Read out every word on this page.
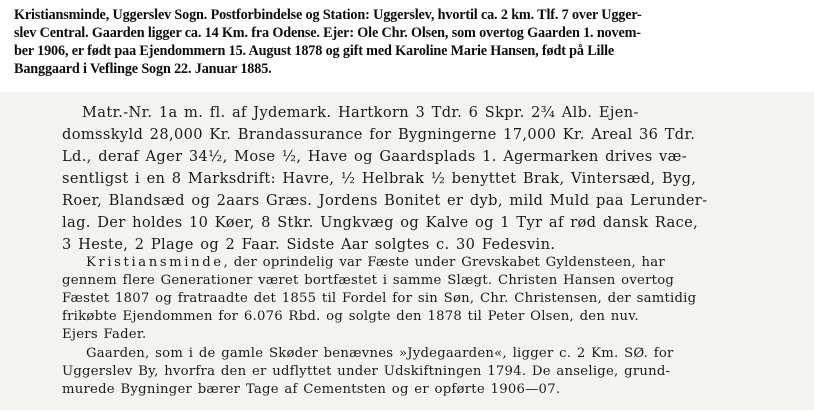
Kristiansminde, Uggerslev Sogn. Postforbindelse og Station: Uggerslev, hvortil ca. 2 km. Tlf. 7 over Ugger-
slev Central. Gaarden ligger ca. 14 Km. fra Odense. Ejer: Ole Chr. Olsen, som overtog Gaarden 1. novem-
ber 1906, er født paa Ejendommern 15. August 1878 og gift med Karoline Marie Hansen, født på Lille
Banggaard i Veflinge Sogn 22. Januar 1885.
Matr.-Nr. 1a m. fl. af Jydemark. Hartkorn 3 Tdr. 6 Skpr. 2¾ Alb. Ejen-
domsskyld 28,000 Kr. Brandassurance for Bygningerne 17,000 Kr. Areal 36 Tdr.
Ld., deraf Ager 34½, Mose ½, Have og Gaardsplads 1. Agermarken drives væ-
sentligst i en 8 Marksdrift: Havre, ½ Helbrak ½ benyttet Brak, Vintersæd, Byg,
Roer, Blandsæd og 2aars Græs. Jordens Bonitet er dyb, mild Muld paa Lerunder-
lag. Der holdes 10 Køer, 8 Stkr. Ungkvæg og Kalve og 1 Tyr af rød dansk Race,
3 Heste, 2 Plage og 2 Faar. Sidste Aar solgtes c. 30 Fedesvin.
Kristiansminde, der oprindelig var Fæste under Grevskabet Gyldensteen, har
gennem flere Generationer været bortfæstet i samme Slægt. Christen Hansen overtog
Fæstet 1807 og fratraadte det 1855 til Fordel for sin Søn, Chr. Christensen, der samtidig
frikøbte Ejendommen for 6.076 Rbd. og solgte den 1878 til Peter Olsen, den nuv.
Ejers Fader.
Gaarden, som i de gamle Skøder benævnes »Jydegaarden«, ligger c. 2 Km. SØ. for
Uggerslev By, hvorfra den er udflyttet under Udskiftningen 1794. De anselige, grund-
murede Bygninger bærer Tage af Cementsten og er opførte 1906—07.
